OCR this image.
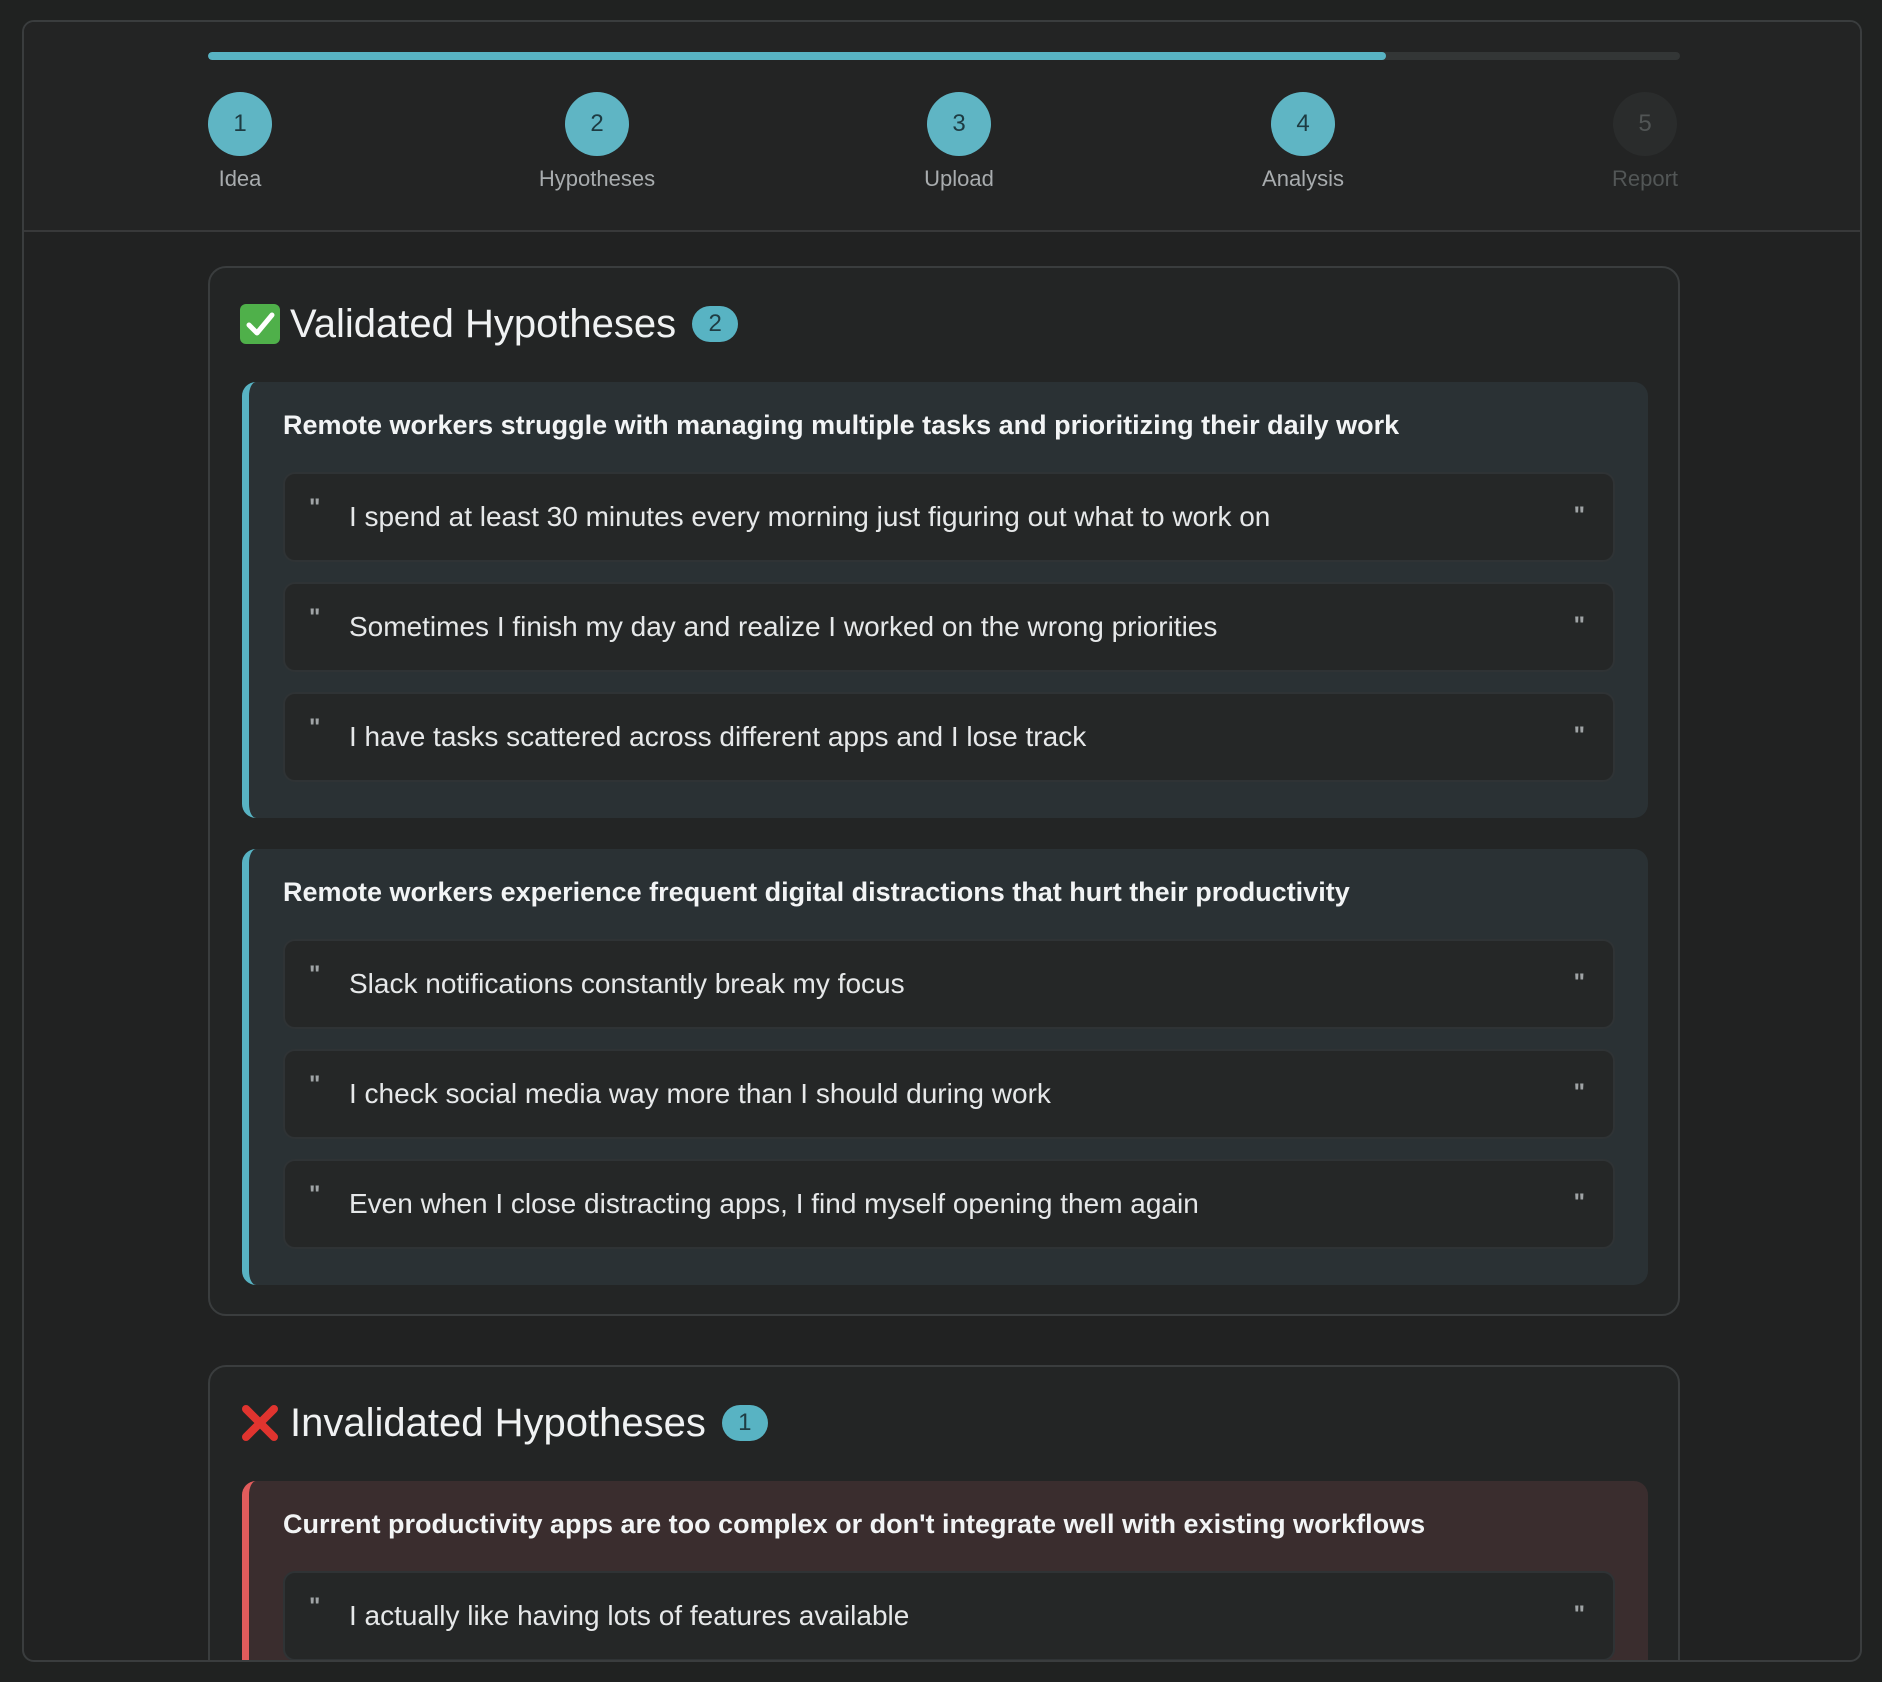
1
Idea
2
Hypotheses
3
Upload
4
Analysis
5
Report
Validated Hypotheses	2
Remote workers struggle with managing multiple tasks and prioritizing their daily work
" I spend at least 30 minutes every morning just figuring out what to work on	"
" Sometimes I finish my day and realize I worked on the wrong priorities	"
" I have tasks scattered across different apps and I lose track	"
Remote workers experience frequent digital distractions that hurt their productivity
" Slack notifications constantly break my focus	"
" I check social media way more than I should during work	"
" Even when I close distracting apps, I find myself opening them again	"
Invalidated Hypotheses	1
Current productivity apps are too complex or don't integrate well with existing workflows
" I actually like having lots of features available	"
